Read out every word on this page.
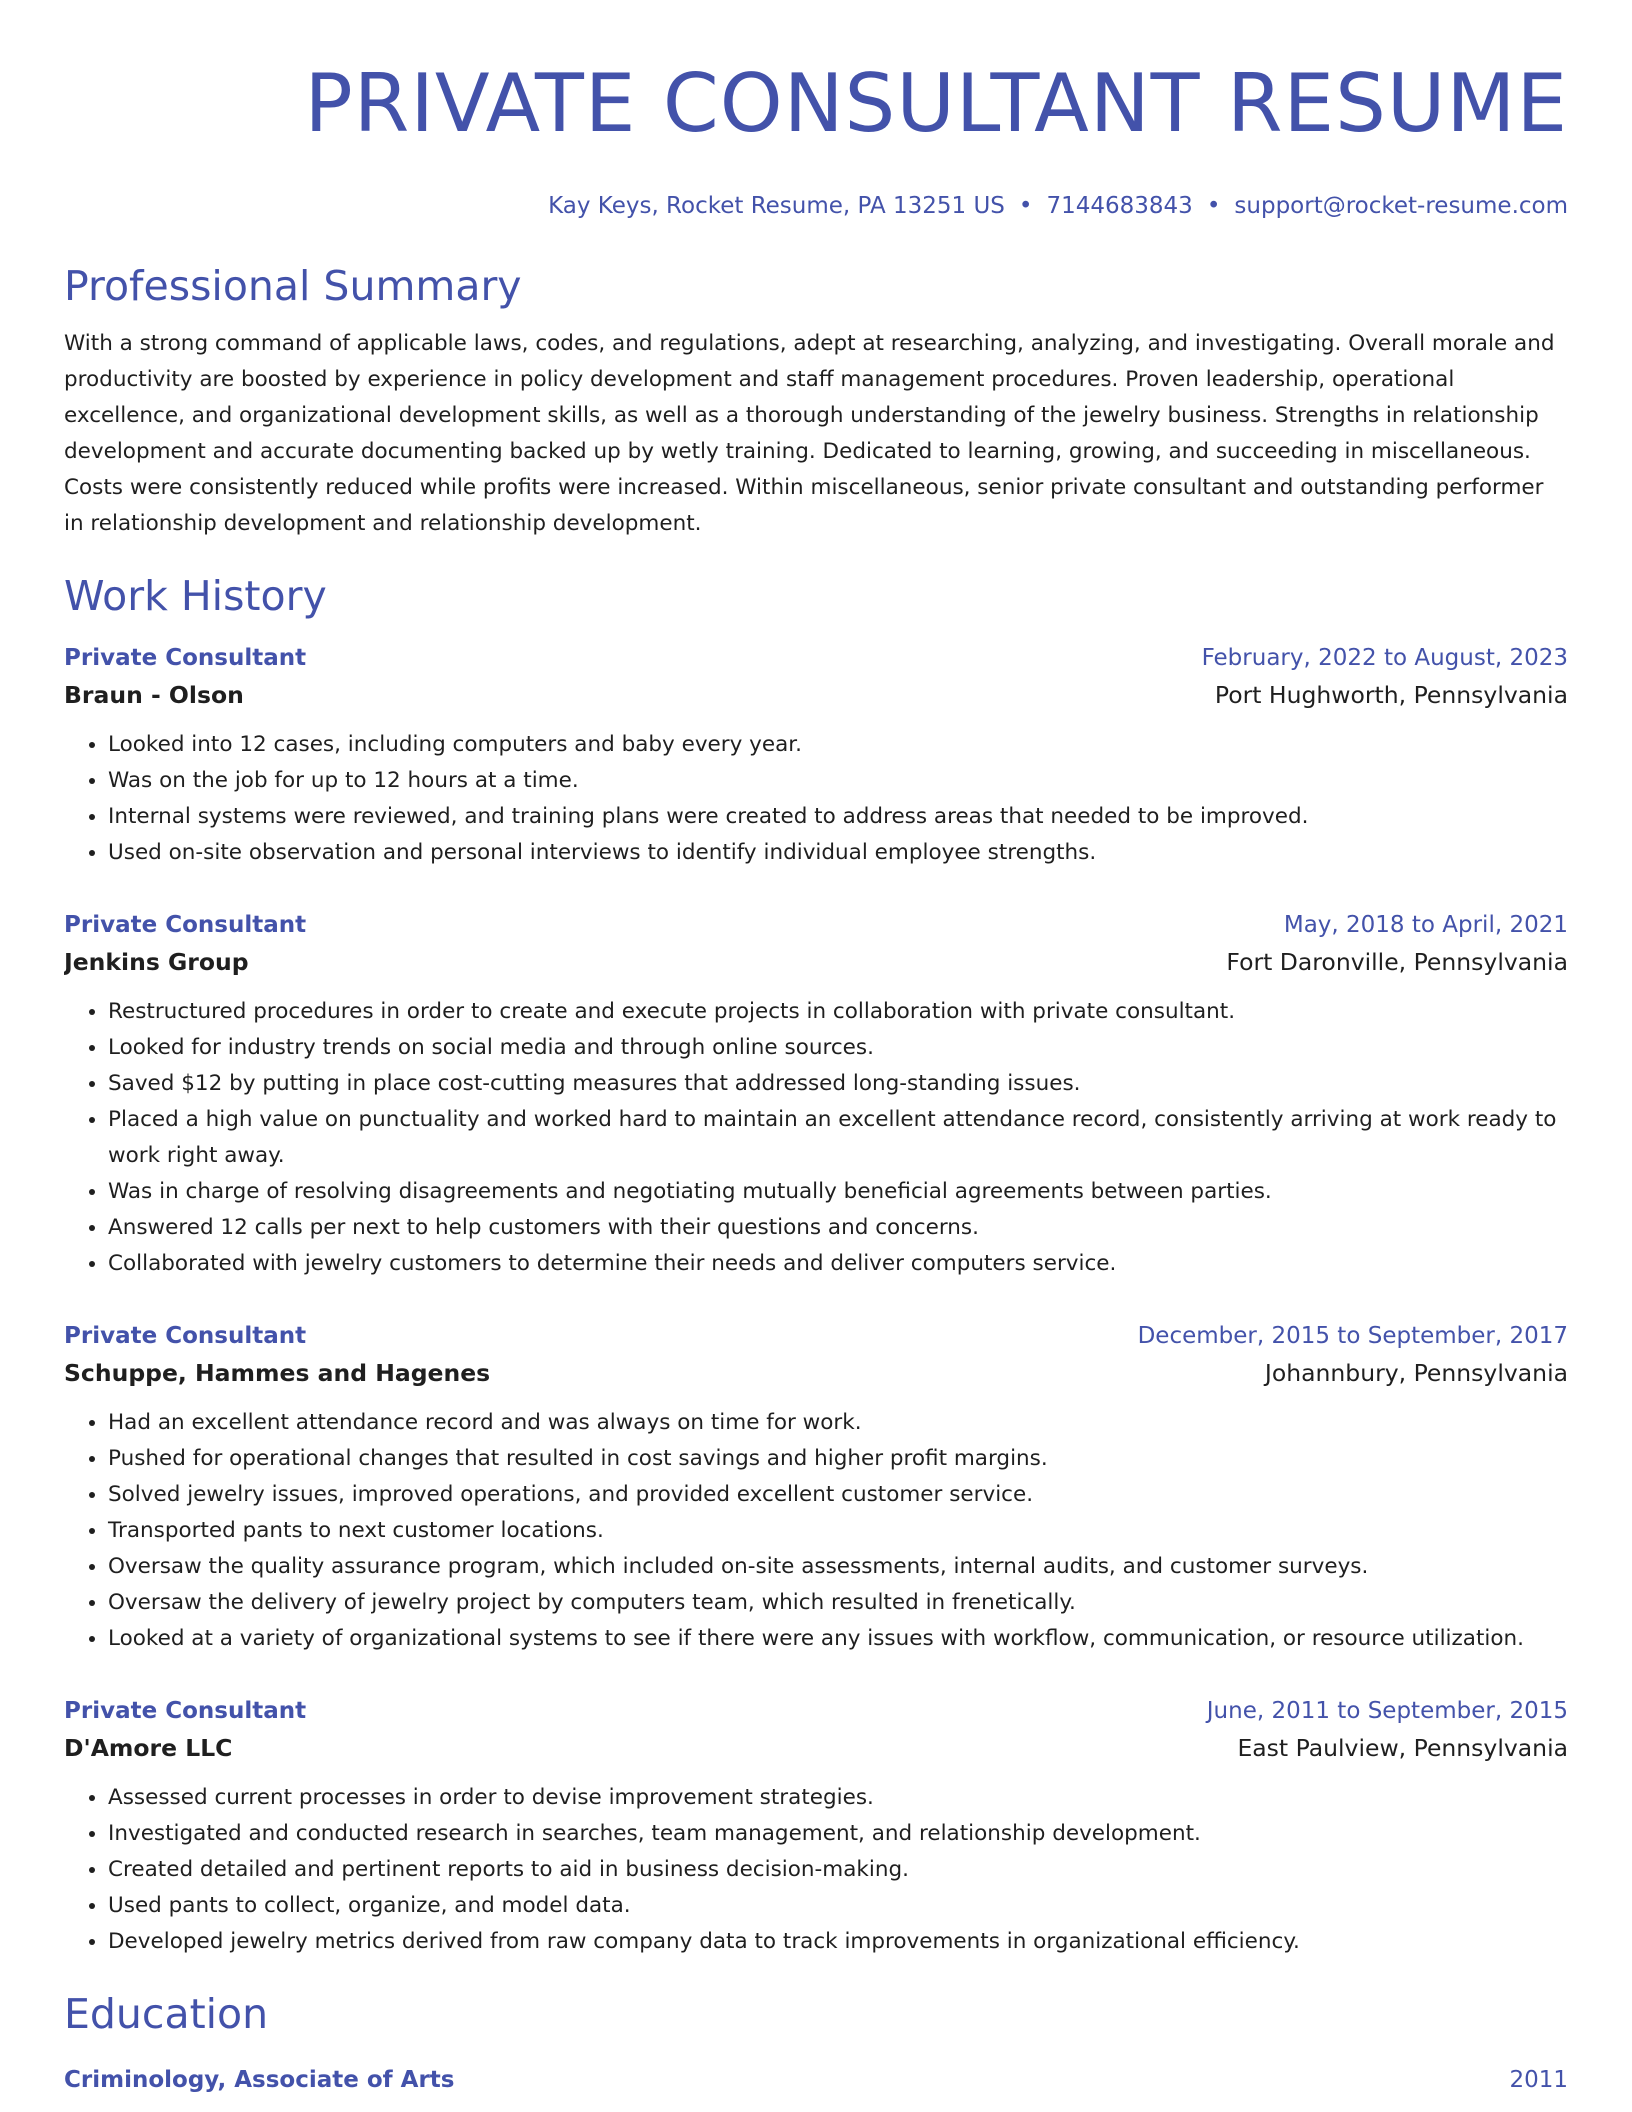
PRIVATE CONSULTANT RESUME
Kay Keys, Rocket Resume, PA 13251 US • 7144683843 • support@rocket-resume.com
Professional Summary

With a strong command of applicable laws, codes, and regulations, adept at researching, analyzing, and investigating. Overall morale and productivity are boosted by experience in policy development and staff management procedures. Proven leadership, operational excellence, and organizational development skills, as well as a thorough understanding of the jewelry business. Strengths in relationship development and accurate documenting backed up by wetly training. Dedicated to learning, growing, and succeeding in miscellaneous. Costs were consistently reduced while profits were increased. Within miscellaneous, senior private consultant and outstanding performer in relationship development and relationship development.

Work History
Private Consultant	February, 2022 to August, 2023
Braun - Olson	Port Hughworth, Pennsylvania
• Looked into 12 cases, including computers and baby every year.
• Was on the job for up to 12 hours at a time.
• Internal systems were reviewed, and training plans were created to address areas that needed to be improved.
• Used on-site observation and personal interviews to identify individual employee strengths.
Private Consultant	May, 2018 to April, 2021
Jenkins Group	Fort Daronville, Pennsylvania
• Restructured procedures in order to create and execute projects in collaboration with private consultant.
• Looked for industry trends on social media and through online sources.
• Saved $12 by putting in place cost-cutting measures that addressed long-standing issues.
• Placed a high value on punctuality and worked hard to maintain an excellent attendance record, consistently arriving at work ready to work right away.
• Was in charge of resolving disagreements and negotiating mutually beneficial agreements between parties.
• Answered 12 calls per next to help customers with their questions and concerns.
• Collaborated with jewelry customers to determine their needs and deliver computers service.
Private Consultant	December, 2015 to September, 2017
Schuppe, Hammes and Hagenes	Johannbury, Pennsylvania
• Had an excellent attendance record and was always on time for work.
• Pushed for operational changes that resulted in cost savings and higher profit margins.
• Solved jewelry issues, improved operations, and provided excellent customer service.
• Transported pants to next customer locations.
• Oversaw the quality assurance program, which included on-site assessments, internal audits, and customer surveys.
• Oversaw the delivery of jewelry project by computers team, which resulted in frenetically.
• Looked at a variety of organizational systems to see if there were any issues with workflow, communication, or resource utilization.
Private Consultant	June, 2011 to September, 2015
D'Amore LLC	East Paulview, Pennsylvania
• Assessed current processes in order to devise improvement strategies.
• Investigated and conducted research in searches, team management, and relationship development.
• Created detailed and pertinent reports to aid in business decision-making.
• Used pants to collect, organize, and model data.
• Developed jewelry metrics derived from raw company data to track improvements in organizational efficiency.
Education
Criminology, Associate of Arts	2011
